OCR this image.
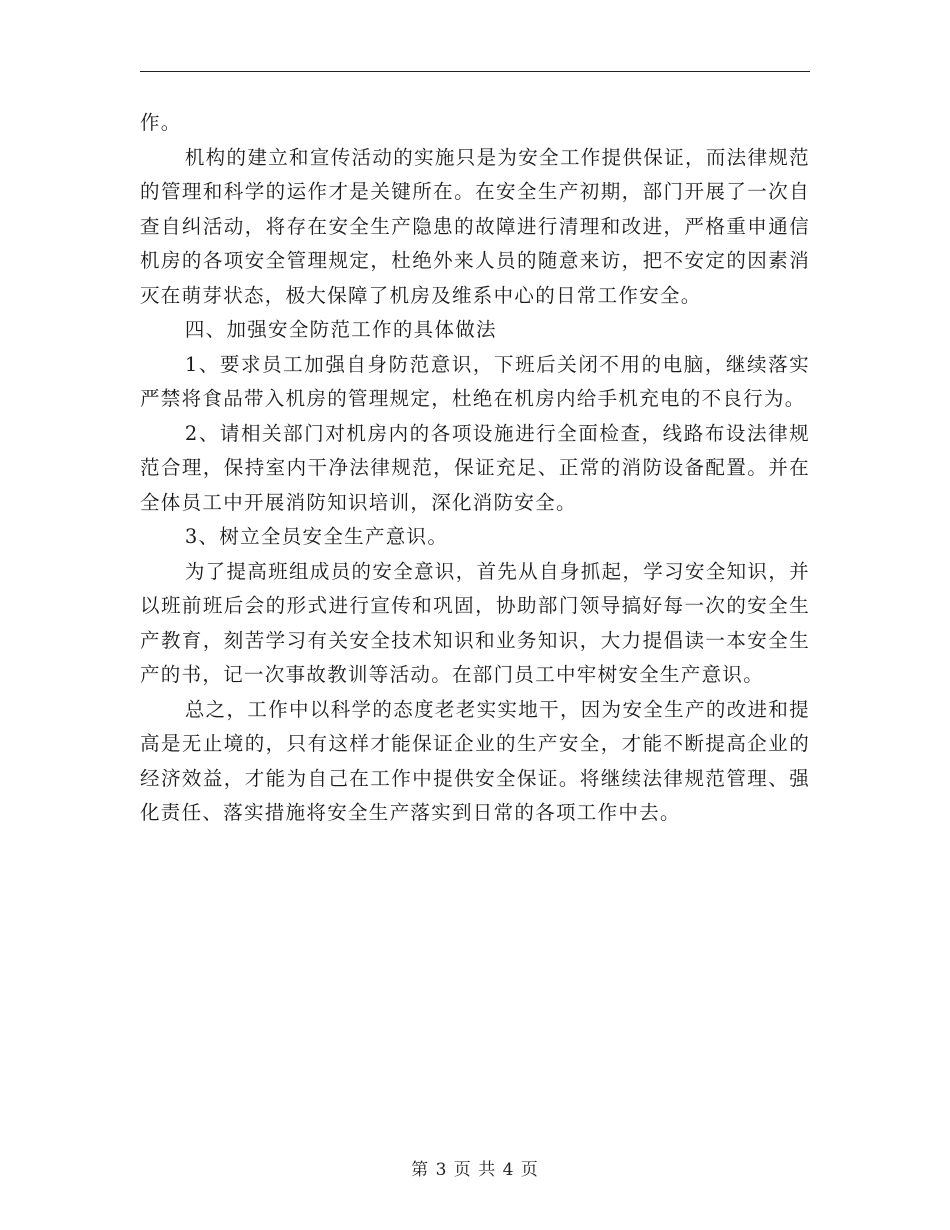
作。

机构的建立和宣传活动的实施只是为安全工作提供保证，而法律规范的管理和科学的运作才是关键所在。在安全生产初期，部门开展了一次自查自纠活动，将存在安全生产隐患的故障进行清理和改进，严格重申通信机房的各项安全管理规定，杜绝外来人员的随意来访，把不安定的因素消灭在萌芽状态，极大保障了机房及维系中心的日常工作安全。

四、加强安全防范工作的具体做法

1、要求员工加强自身防范意识，下班后关闭不用的电脑，继续落实严禁将食品带入机房的管理规定，杜绝在机房内给手机充电的不良行为。

2、请相关部门对机房内的各项设施进行全面检查，线路布设法律规范合理，保持室内干净法律规范，保证充足、正常的消防设备配置。并在全体员工中开展消防知识培训，深化消防安全。

3、树立全员安全生产意识。

为了提高班组成员的安全意识，首先从自身抓起，学习安全知识，并以班前班后会的形式进行宣传和巩固，协助部门领导搞好每一次的安全生产教育，刻苦学习有关安全技术知识和业务知识，大力提倡读一本安全生产的书，记一次事故教训等活动。在部门员工中牢树安全生产意识。

总之，工作中以科学的态度老老实实地干，因为安全生产的改进和提高是无止境的，只有这样才能保证企业的生产安全，才能不断提高企业的经济效益，才能为自己在工作中提供安全保证。将继续法律规范管理、强化责任、落实措施将安全生产落实到日常的各项工作中去。

第 3 页 共 4 页
